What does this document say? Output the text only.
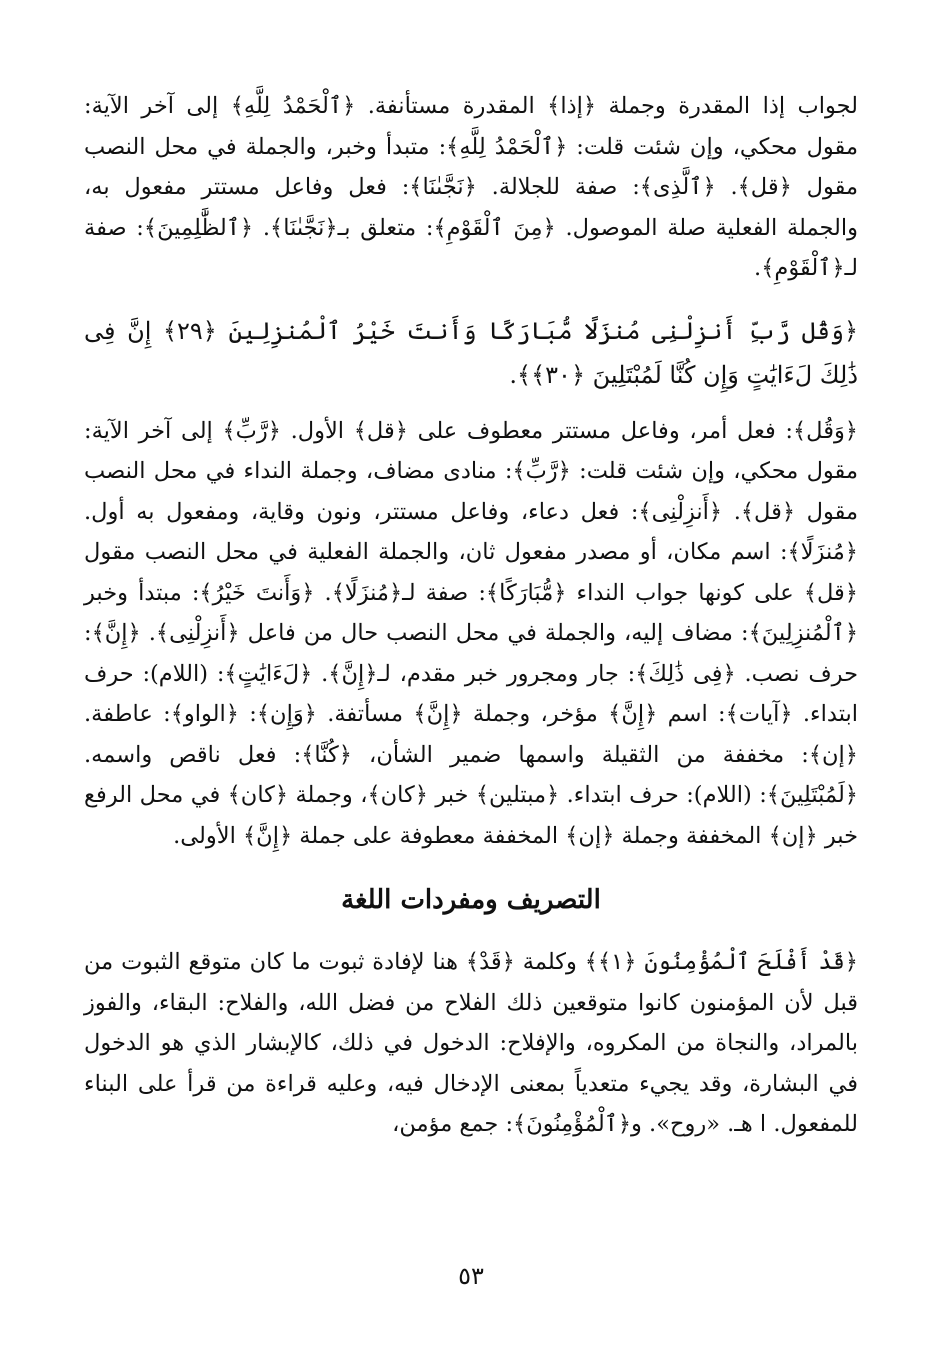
لجواب إذا المقدرة وجملة ﴿إذا﴾ المقدرة مستأنفة. ﴿ٱلْحَمْدُ لِلَّهِ﴾ إلى آخر الآية: مقول محكي، وإن شئت قلت: ﴿ٱلْحَمْدُ لِلَّهِ﴾: متبدأ وخبر، والجملة في محل النصب مقول ﴿قل﴾. ﴿ٱلَّذِى﴾: صفة للجلالة. ﴿نَجَّىٰنَا﴾: فعل وفاعل مستتر مفعول به، والجملة الفعلية صلة الموصول. ﴿مِنَ ٱلْقَوْمِ﴾: متعلق بـ﴿نَجَّىٰنَا﴾. ﴿ٱلظَّٰلِمِينَ﴾: صفة لـ﴿ٱلْقَوْمِ﴾.

﴿وَقُل رَّبِّ أَنزِلْنِى مُنزَلًا مُّبَارَكًا وَأَنتَ خَيْرُ ٱلْمُنزِلِينَ ﴿٢٩﴾ إِنَّ فِى ذَٰلِكَ لَءَايَٰتٍ وَإِن كُنَّا لَمُبْتَلِينَ ﴿٣٠﴾﴾.

﴿وَقُل﴾: فعل أمر، وفاعل مستتر معطوف على ﴿قل﴾ الأول. ﴿رَّبِّ﴾ إلى آخر الآية: مقول محكي، وإن شئت قلت: ﴿رَّبِّ﴾: منادى مضاف، وجملة النداء في محل النصب مقول ﴿قل﴾. ﴿أَنزِلْنِى﴾: فعل دعاء، وفاعل مستتر، ونون وقاية، ومفعول به أول. ﴿مُنزَلًا﴾: اسم مكان، أو مصدر مفعول ثان، والجملة الفعلية في محل النصب مقول ﴿قل﴾ على كونها جواب النداء ﴿مُّبَارَكًا﴾: صفة لـ﴿مُنزَلًا﴾. ﴿وَأَنتَ خَيْرُ﴾: مبتدأ وخبر ﴿ٱلْمُنزِلِينَ﴾: مضاف إليه، والجملة في محل النصب حال من فاعل ﴿أَنزِلْنِى﴾. ﴿إِنَّ﴾: حرف نصب. ﴿فِى ذَٰلِكَ﴾: جار ومجرور خبر مقدم، لـ﴿إِنَّ﴾. ﴿لَءَايَٰتٍ﴾: (اللام): حرف ابتداء. ﴿آيات﴾: اسم ﴿إِنَّ﴾ مؤخر، وجملة ﴿إِنَّ﴾ مسأتفة. ﴿وَإِن﴾: ﴿الواو﴾: عاطفة. ﴿إن﴾: مخففة من الثقيلة واسمها ضمير الشأن، ﴿كُنَّا﴾: فعل ناقص واسمه. ﴿لَمُبْتَلِينَ﴾: (اللام): حرف ابتداء. ﴿مبتلين﴾ خبر ﴿كان﴾، وجملة ﴿كان﴾ في محل الرفع خبر ﴿إن﴾ المخففة وجملة ﴿إن﴾ المخففة معطوفة على جملة ﴿إِنَّ﴾ الأولى.

التصريف ومفردات اللغة

﴿قَدْ أَفْلَحَ ٱلْمُؤْمِنُونَ ﴿١﴾﴾ وكلمة ﴿قَدْ﴾ هنا لإفادة ثبوت ما كان متوقع الثبوت من قبل لأن المؤمنون كانوا متوقعين ذلك الفلاح من فضل الله، والفلاح: البقاء، والفوز بالمراد، والنجاة من المكروه، والإفلاح: الدخول في ذلك، كالإبشار الذي هو الدخول في البشارة، وقد يجيء متعدياً بمعنى الإدخال فيه، وعليه قراءة من قرأ على البناء للمفعول. ا هـ. «روح». و﴿ٱلْمُؤْمِنُونَ﴾: جمع مؤمن،

٥٣
